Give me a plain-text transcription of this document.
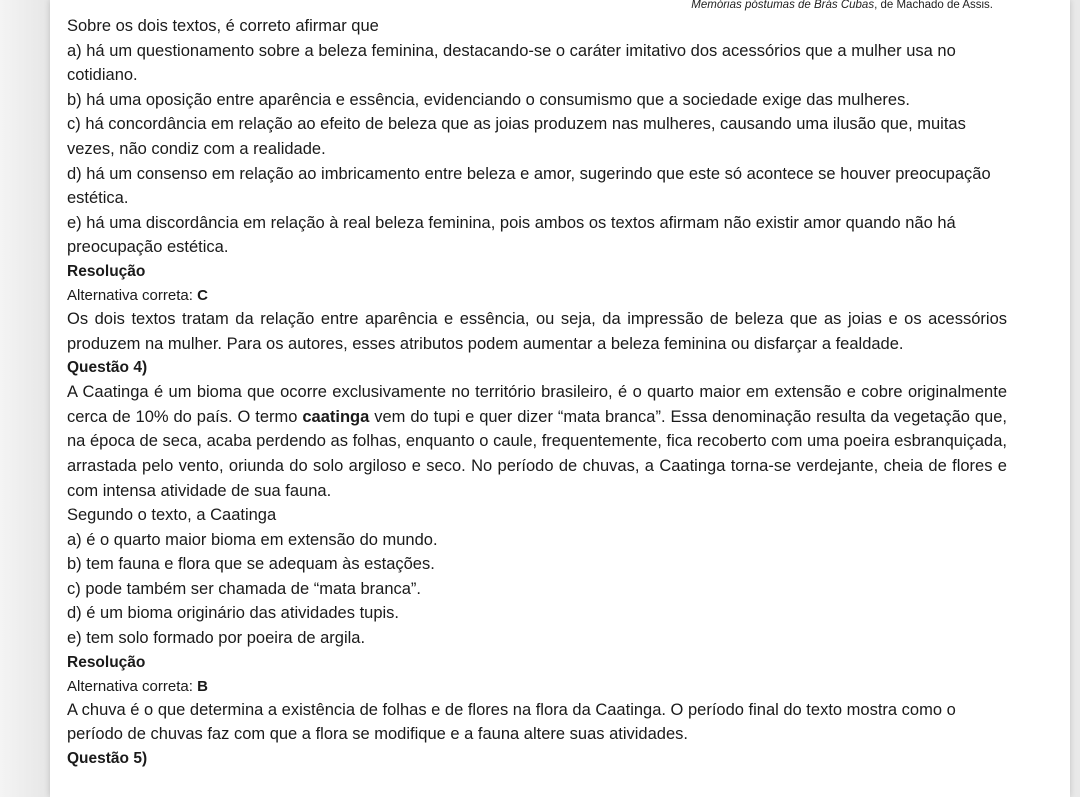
Memórias póstumas de Brás Cubas, de Machado de Assis.

Sobre os dois textos, é correto afirmar que

a) há um questionamento sobre a beleza feminina, destacando-se o caráter imitativo dos acessórios que a mulher usa no cotidiano.

b) há uma oposição entre aparência e essência, evidenciando o consumismo que a sociedade exige das mulheres.

c) há concordância em relação ao efeito de beleza que as joias produzem nas mulheres, causando uma ilusão que, muitas vezes, não condiz com a realidade.

d) há um consenso em relação ao imbricamento entre beleza e amor, sugerindo que este só acontece se houver preocupação estética.

e) há uma discordância em relação à real beleza feminina, pois ambos os textos afirmam não existir amor quando não há preocupação estética.

Resolução

Alternativa correta: C

Os dois textos tratam da relação entre aparência e essência, ou seja, da impressão de beleza que as joias e os acessórios produzem na mulher. Para os autores, esses atributos podem aumentar a beleza feminina ou disfarçar a fealdade.

Questão 4)

A Caatinga é um bioma que ocorre exclusivamente no território brasileiro, é o quarto maior em extensão e cobre originalmente cerca de 10% do país. O termo caatinga vem do tupi e quer dizer “mata branca”. Essa denominação resulta da vegetação que, na época de seca, acaba perdendo as folhas, enquanto o caule, frequentemente, fica recoberto com uma poeira esbranquiçada, arrastada pelo vento, oriunda do solo argiloso e seco. No período de chuvas, a Caatinga torna-se verdejante, cheia de flores e com intensa atividade de sua fauna.

Segundo o texto, a Caatinga

a) é o quarto maior bioma em extensão do mundo.

b) tem fauna e flora que se adequam às estações.

c) pode também ser chamada de “mata branca”.

d) é um bioma originário das atividades tupis.

e) tem solo formado por poeira de argila.

Resolução

Alternativa correta: B

A chuva é o que determina a existência de folhas e de flores na flora da Caatinga. O período final do texto mostra como o período de chuvas faz com que a flora se modifique e a fauna altere suas atividades.

Questão 5)
